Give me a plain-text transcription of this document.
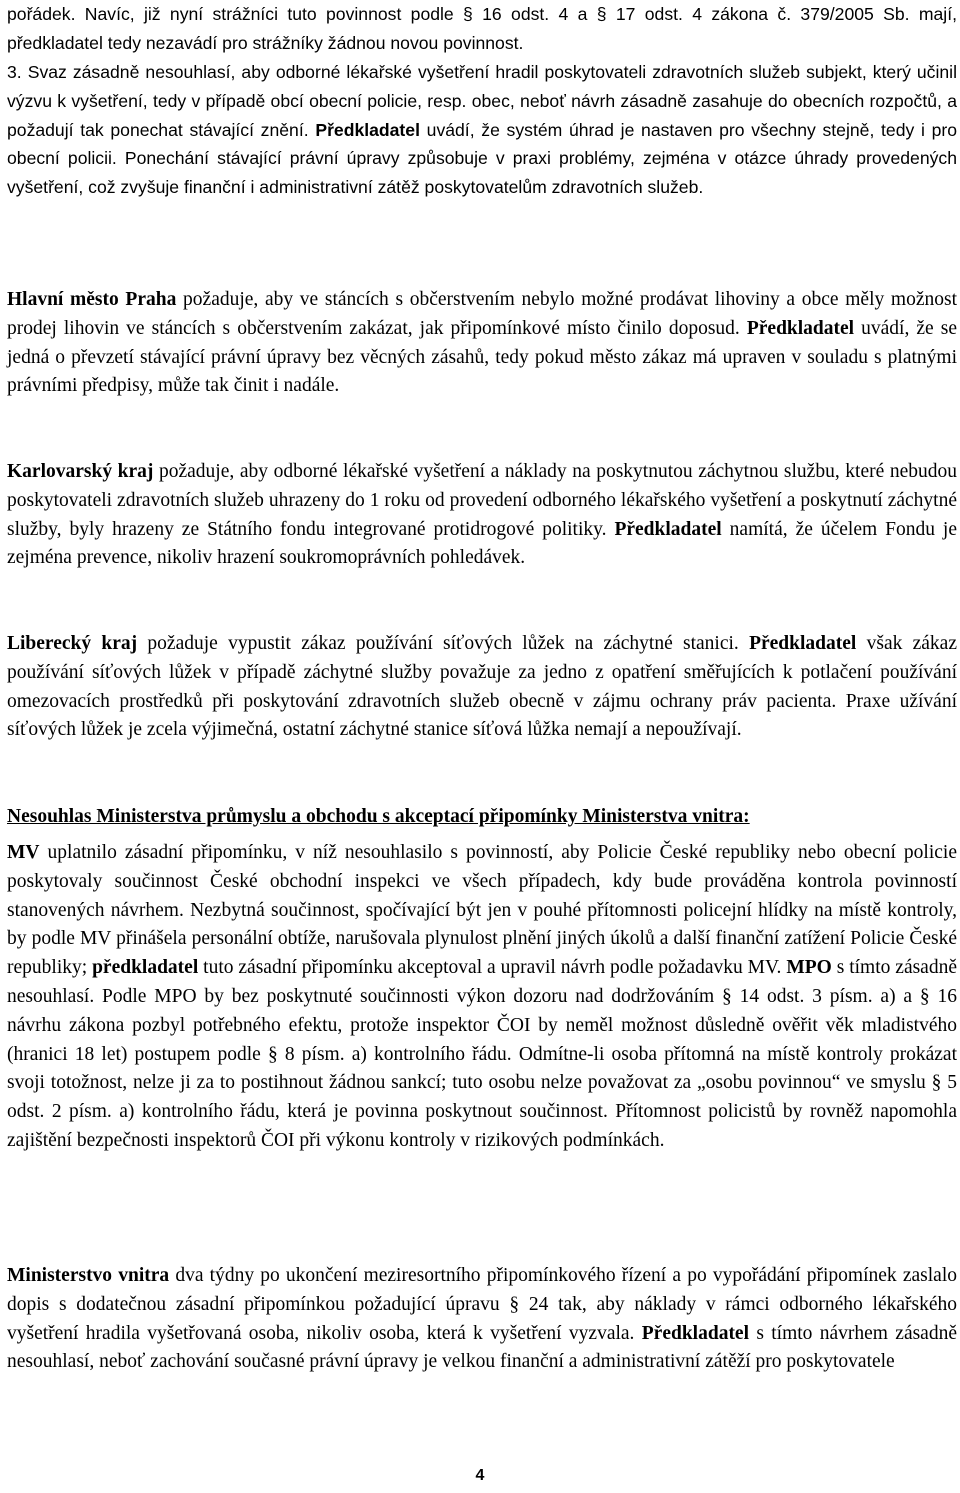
pořádek. Navíc, již nyní strážníci tuto povinnost podle § 16 odst. 4 a § 17 odst. 4 zákona č. 379/2005 Sb. mají, předkladatel tedy nezavádí pro strážníky žádnou novou povinnost.

3. Svaz zásadně nesouhlasí, aby odborné lékařské vyšetření hradil poskytovateli zdravotních služeb subjekt, který učinil výzvu k vyšetření, tedy v případě obcí obecní policie, resp. obec, neboť návrh zásadně zasahuje do obecních rozpočtů, a požadují tak ponechat stávající znění. Předkladatel uvádí, že systém úhrad je nastaven pro všechny stejně, tedy i pro obecní policii. Ponechání stávající právní úpravy způsobuje v praxi problémy, zejména v otázce úhrady provedených vyšetření, což zvyšuje finanční i administrativní zátěž poskytovatelům zdravotních služeb.

Hlavní město Praha požaduje, aby ve stáncích s občerstvením nebylo možné prodávat lihoviny a obce měly možnost prodej lihovin ve stáncích s občerstvením zakázat, jak připomínkové místo činilo doposud. Předkladatel uvádí, že se jedná o převzetí stávající právní úpravy bez věcných zásahů, tedy pokud město zákaz má upraven v souladu s platnými právními předpisy, může tak činit i nadále.

Karlovarský kraj požaduje, aby odborné lékařské vyšetření a náklady na poskytnutou záchytnou službu, které nebudou poskytovateli zdravotních služeb uhrazeny do 1 roku od provedení odborného lékařského vyšetření a poskytnutí záchytné služby, byly hrazeny ze Státního fondu integrované protidrogové politiky. Předkladatel namítá, že účelem Fondu je zejména prevence, nikoliv hrazení soukromoprávních pohledávek.

Liberecký kraj požaduje vypustit zákaz používání síťových lůžek na záchytné stanici. Předkladatel však zákaz používání síťových lůžek v případě záchytné služby považuje za jedno z opatření směřujících k potlačení používání omezovacích prostředků při poskytování zdravotních služeb obecně v zájmu ochrany práv pacienta. Praxe užívání síťových lůžek je zcela výjimečná, ostatní záchytné stanice síťová lůžka nemají a nepoužívají.

Nesouhlas Ministerstva průmyslu a obchodu s akceptací připomínky Ministerstva vnitra:

MV uplatnilo zásadní připomínku, v níž nesouhlasilo s povinností, aby Policie České republiky nebo obecní policie poskytovaly součinnost České obchodní inspekci ve všech případech, kdy bude prováděna kontrola povinností stanovených návrhem. Nezbytná součinnost, spočívající být jen v pouhé přítomnosti policejní hlídky na místě kontroly, by podle MV přinášela personální obtíže, narušovala plynulost plnění jiných úkolů a další finanční zatížení Policie České republiky; předkladatel tuto zásadní připomínku akceptoval a upravil návrh podle požadavku MV. MPO s tímto zásadně nesouhlasí. Podle MPO by bez poskytnuté součinnosti výkon dozoru nad dodržováním § 14 odst. 3 písm. a) a § 16 návrhu zákona pozbyl potřebného efektu, protože inspektor ČOI by neměl možnost důsledně ověřit věk mladistvého (hranici 18 let) postupem podle § 8 písm. a) kontrolního řádu. Odmítne-li osoba přítomná na místě kontroly prokázat svoji totožnost, nelze ji za to postihnout žádnou sankcí; tuto osobu nelze považovat za „osobu povinnou“ ve smyslu § 5 odst. 2 písm. a) kontrolního řádu, která je povinna poskytnout součinnost. Přítomnost policistů by rovněž napomohla zajištění bezpečnosti inspektorů ČOI při výkonu kontroly v rizikových podmínkách.

Ministerstvo vnitra dva týdny po ukončení meziresortního připomínkového řízení a po vypořádání připomínek zaslalo dopis s dodatečnou zásadní připomínkou požadující úpravu § 24 tak, aby náklady v rámci odborného lékařského vyšetření hradila vyšetřovaná osoba, nikoliv osoba, která k vyšetření vyzvala. Předkladatel s tímto návrhem zásadně nesouhlasí, neboť zachování současné právní úpravy je velkou finanční a administrativní zátěží pro poskytovatele

4
